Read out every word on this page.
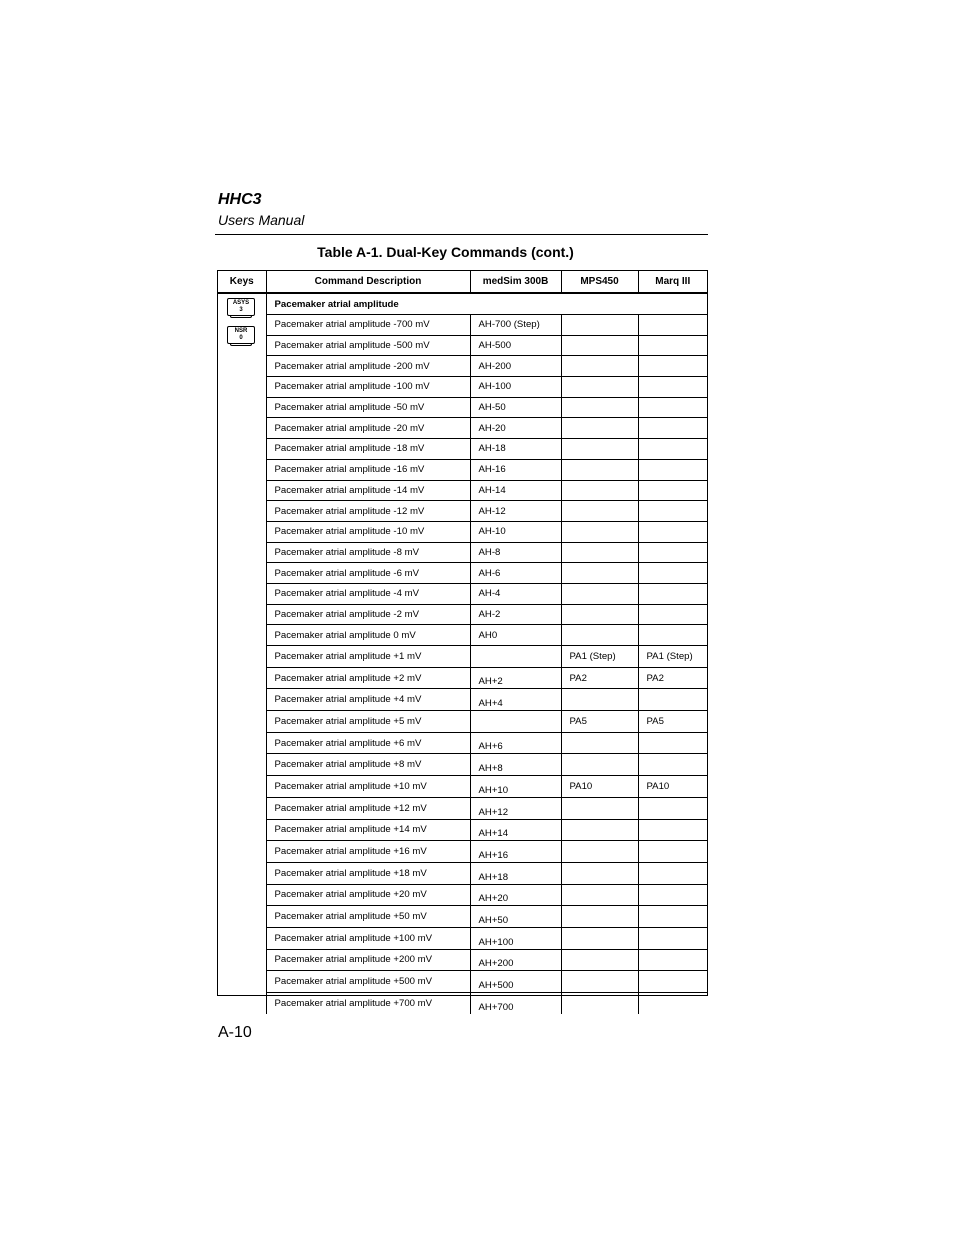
HHC3
Users Manual
Table A-1. Dual-Key Commands (cont.)
Keys	Command Description	medSim 300B	MPS450	Marq III

ASYS
3
NSR
0	Pacemaker atrial amplitude			
	Pacemaker atrial amplitude -700 mV	AH-700 (Step)		
	Pacemaker atrial amplitude -500 mV	AH-500		
	Pacemaker atrial amplitude -200 mV	AH-200		
	Pacemaker atrial amplitude -100 mV	AH-100		
	Pacemaker atrial amplitude -50 mV	AH-50		
	Pacemaker atrial amplitude -20 mV	AH-20		
	Pacemaker atrial amplitude -18 mV	AH-18		
	Pacemaker atrial amplitude -16 mV	AH-16		
	Pacemaker atrial amplitude -14 mV	AH-14		
	Pacemaker atrial amplitude -12 mV	AH-12		
	Pacemaker atrial amplitude -10 mV	AH-10		
	Pacemaker atrial amplitude -8 mV	AH-8		
	Pacemaker atrial amplitude -6 mV	AH-6		
	Pacemaker atrial amplitude -4 mV	AH-4		
	Pacemaker atrial amplitude -2 mV	AH-2		
	Pacemaker atrial amplitude 0 mV	AH0		
	Pacemaker atrial amplitude +1 mV		PA1 (Step)	PA1 (Step)
	Pacemaker atrial amplitude +2 mV	AH+2	PA2	PA2
	Pacemaker atrial amplitude +4 mV	AH+4		
	Pacemaker atrial amplitude +5 mV		PA5	PA5
	Pacemaker atrial amplitude +6 mV	AH+6		
	Pacemaker atrial amplitude +8 mV	AH+8		
	Pacemaker atrial amplitude +10 mV	AH+10	PA10	PA10
	Pacemaker atrial amplitude +12 mV	AH+12		
	Pacemaker atrial amplitude +14 mV	AH+14		
	Pacemaker atrial amplitude +16 mV	AH+16		
	Pacemaker atrial amplitude +18 mV	AH+18		
	Pacemaker atrial amplitude +20 mV	AH+20		
	Pacemaker atrial amplitude +50 mV	AH+50		
	Pacemaker atrial amplitude +100 mV	AH+100		
	Pacemaker atrial amplitude +200 mV	AH+200		
	Pacemaker atrial amplitude +500 mV	AH+500		
	Pacemaker atrial amplitude +700 mV	AH+700		
A-10
